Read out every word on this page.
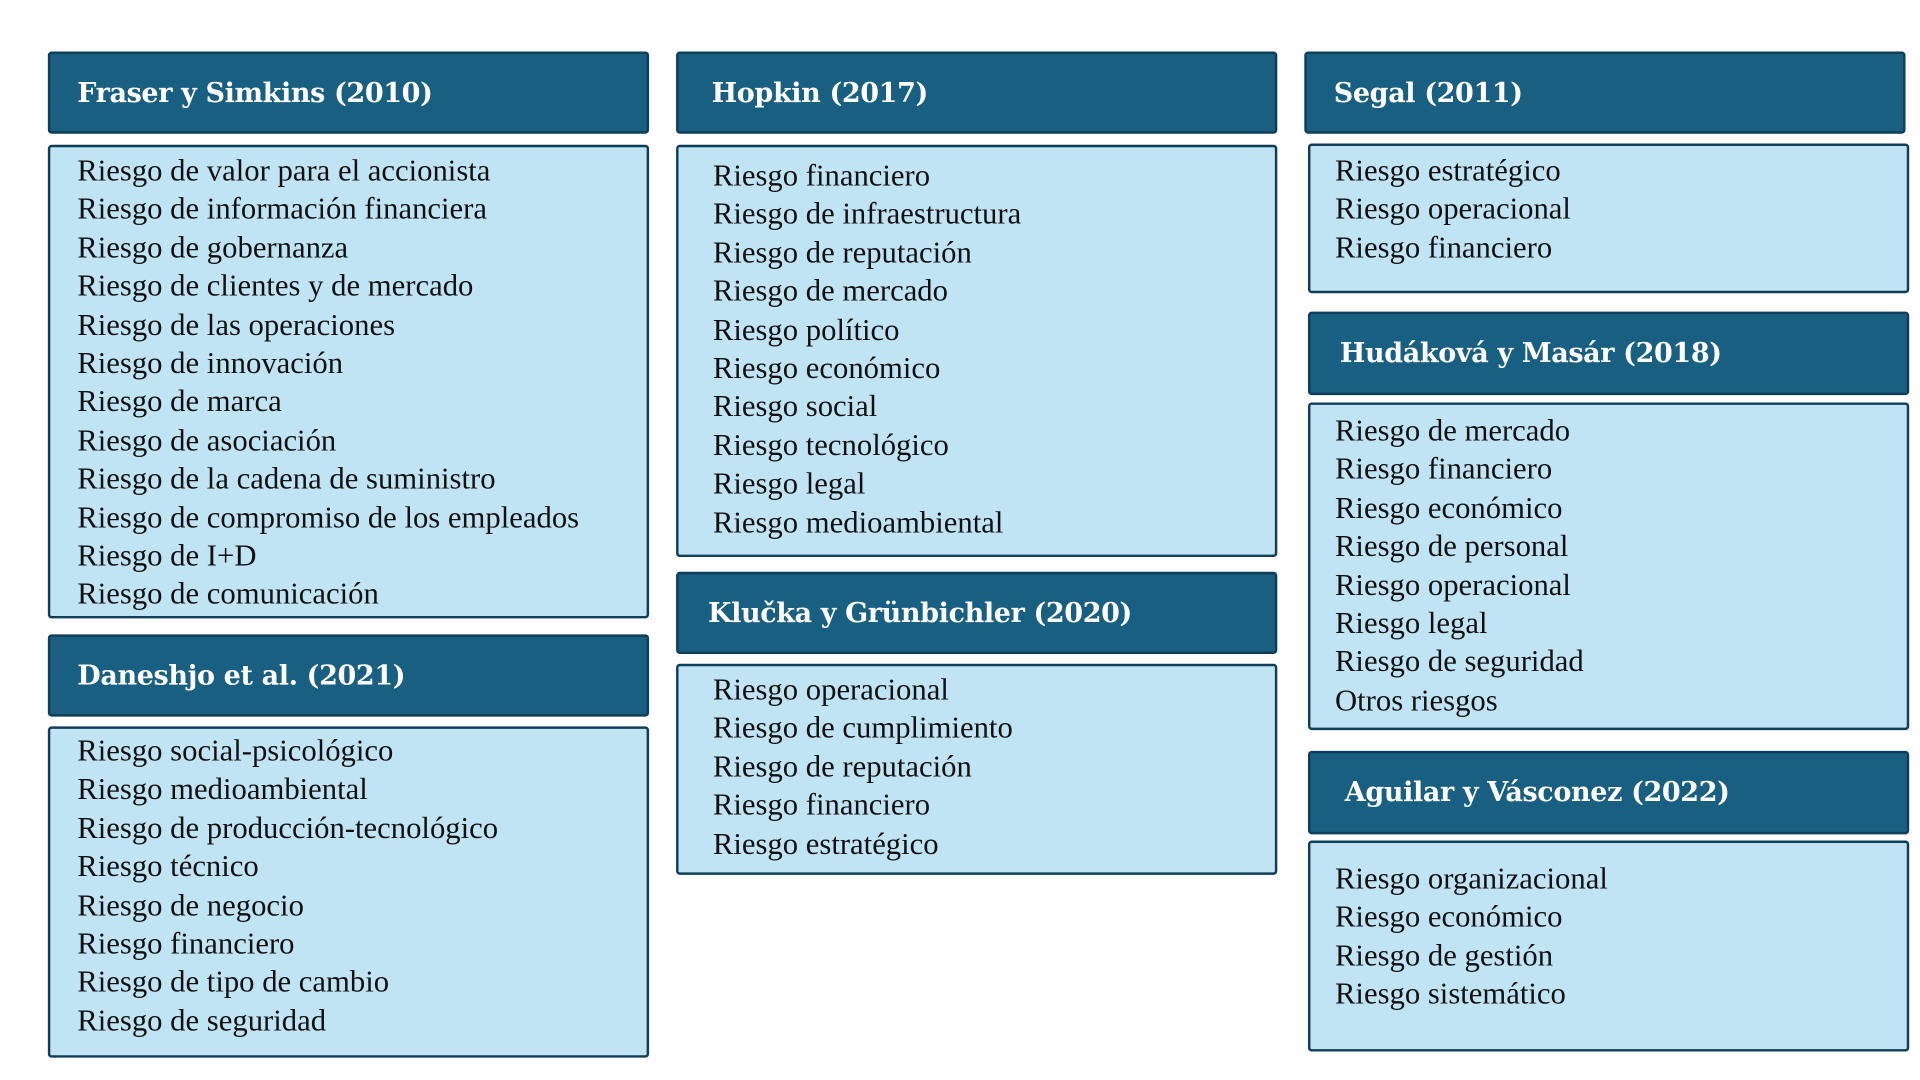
Fraser y Simkins (2010)
Riesgo de valor para el accionista
Riesgo de información financiera
Riesgo de gobernanza
Riesgo de clientes y de mercado
Riesgo de las operaciones
Riesgo de innovación
Riesgo de marca
Riesgo de asociación
Riesgo de la cadena de suministro
Riesgo de compromiso de los empleados
Riesgo de I+D
Riesgo de comunicación
Daneshjo et al. (2021)
Riesgo social-psicológico
Riesgo medioambiental
Riesgo de producción-tecnológico
Riesgo técnico
Riesgo de negocio
Riesgo financiero
Riesgo de tipo de cambio
Riesgo de seguridad
Hopkin (2017)
Riesgo financiero
Riesgo de infraestructura
Riesgo de reputación
Riesgo de mercado
Riesgo político
Riesgo económico
Riesgo social
Riesgo tecnológico
Riesgo legal
Riesgo medioambiental
Klučka y Grünbichler (2020)
Riesgo operacional
Riesgo de cumplimiento
Riesgo de reputación
Riesgo financiero
Riesgo estratégico
Segal (2011)
Riesgo estratégico
Riesgo operacional
Riesgo financiero
Hudáková y Masár (2018)
Riesgo de mercado
Riesgo financiero
Riesgo económico
Riesgo de personal
Riesgo operacional
Riesgo legal
Riesgo de seguridad
Otros riesgos
Aguilar y Vásconez (2022)
Riesgo organizacional
Riesgo económico
Riesgo de gestión
Riesgo sistemático
